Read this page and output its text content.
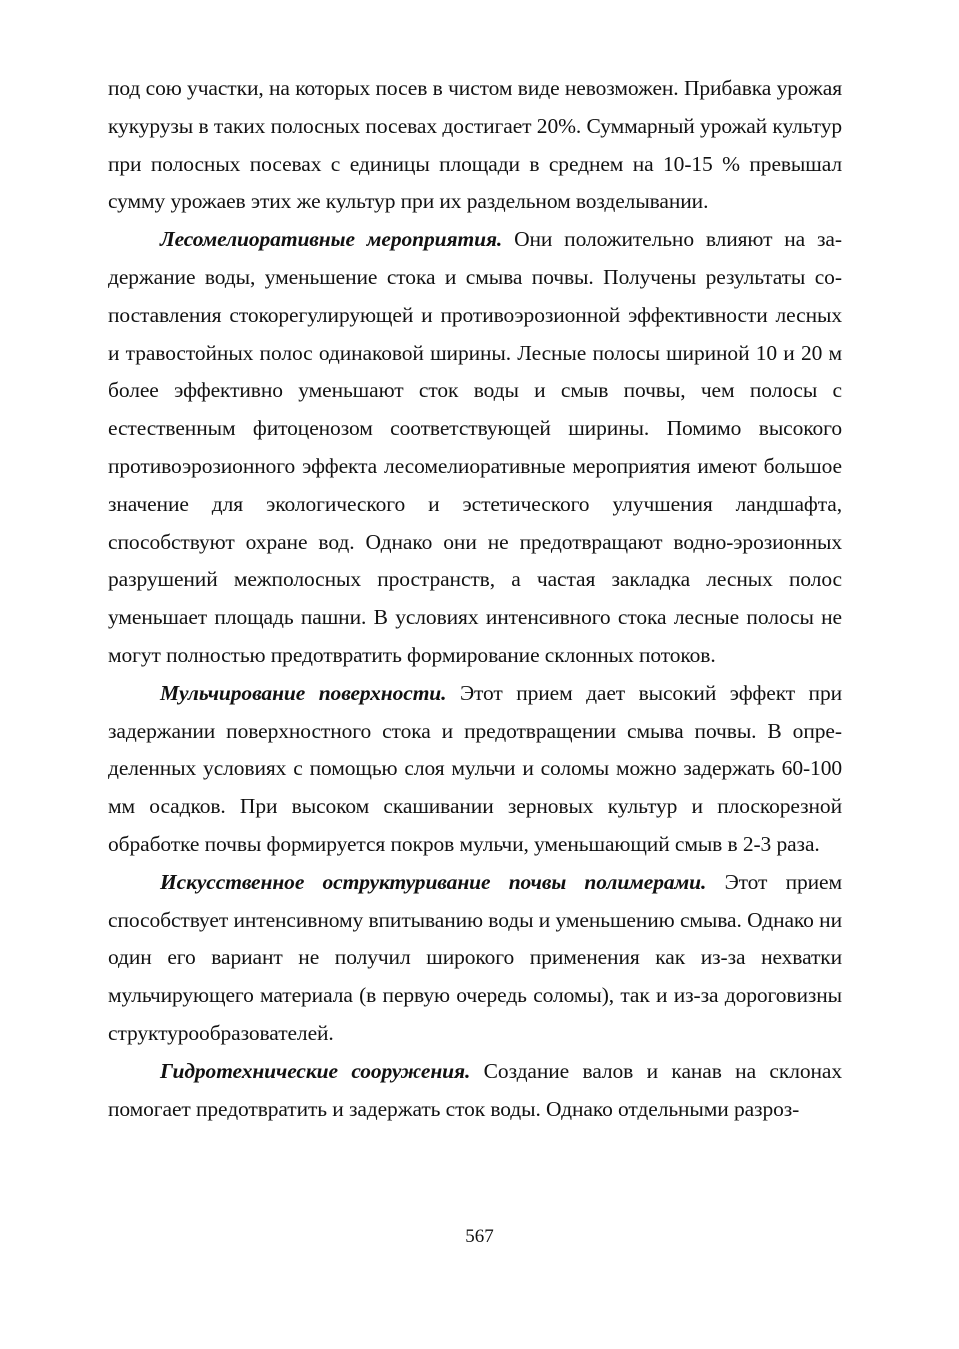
под сою участки, на которых посев в чистом виде невозможен. Прибавка урожая кукурузы в таких полосных посевах достигает 20%. Суммарный урожай культур при полосных посевах с единицы площади в среднем на 10-15 % превышал сумму урожаев этих же культур при их раздельном возделывании.

Лесомелиоративные мероприятия. Они положительно влияют на задержание воды, уменьшение стока и смыва почвы. Получены результаты сопоставления стокорегулирующей и противоэрозионной эффективности лесных и травостойных полос одинаковой ширины. Лесные полосы шириной 10 и 20 м более эффективно уменьшают сток воды и смыв почвы, чем полосы с естественным фитоценозом соответствующей ширины. Помимо высокого противоэрозионного эффекта лесомелиоративные мероприятия имеют большое значение для экологического и эстетического улучшения ландшафта, способствуют охране вод. Однако они не предотвращают водно-эрозионных разрушений межполосных пространств, а частая закладка лесных полос уменьшает площадь пашни. В условиях интенсивного стока лесные полосы не могут полностью предотвратить формирование склонных потоков.

Мульчирование поверхности. Этот прием дает высокий эффект при задержании поверхностного стока и предотвращении смыва почвы. В определенных условиях с помощью слоя мульчи и соломы можно задержать 60-100 мм осадков. При высоком скашивании зерновых культур и плоскорезной обработке почвы формируется покров мульчи, уменьшающий смыв в 2-3 раза.

Искусственное оструктуривание почвы полимерами. Этот прием способствует интенсивному впитыванию воды и уменьшению смыва. Однако ни один его вариант не получил широкого применения как из-за нехватки мульчирующего материала (в первую очередь соломы), так и из-за дороговизны структурообразователей.

Гидротехнические сооружения. Создание валов и канав на склонах помогает предотвратить и задержать сток воды. Однако отдельными разроз-

567
